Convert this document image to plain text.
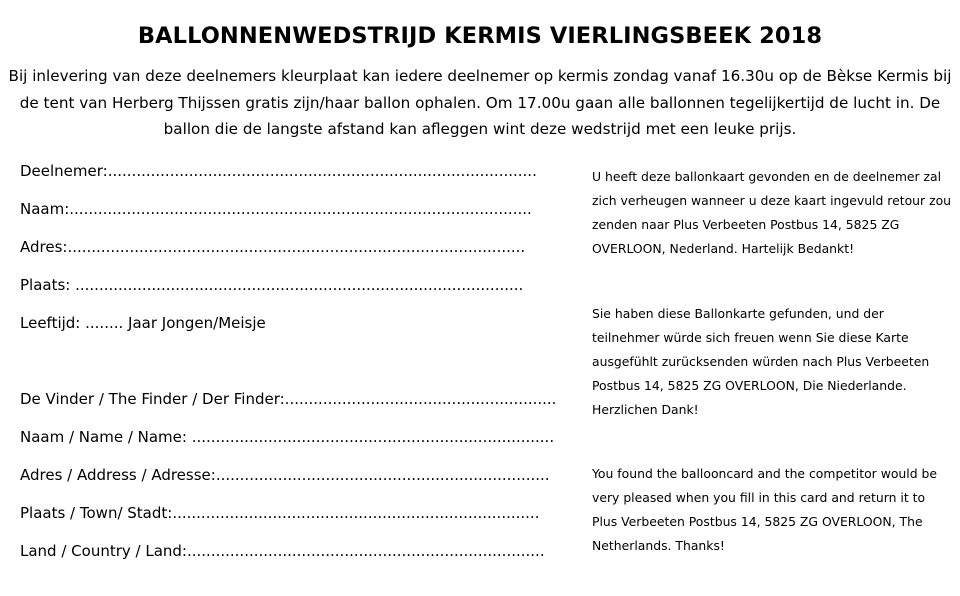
BALLONNENWEDSTRIJD KERMIS VIERLINGSBEEK 2018

Bij inlevering van deze deelnemers kleurplaat kan iedere deelnemer op kermis zondag vanaf 16.30u op de Bèkse Kermis bij de tent van Herberg Thijssen gratis zijn/haar ballon ophalen. Om 17.00u gaan alle ballonnen tegelijkertijd de lucht in. De ballon die de langste afstand kan afleggen wint deze wedstrijd met een leuke prijs.

Deelnemer:..........................................................................................
Naam:.................................................................................................
Adres:................................................................................................
Plaats: ..............................................................................................
Leeftijd: ........ Jaar Jongen/Meisje
De Vinder / The Finder / Der Finder:.........................................................
Naam / Name / Name: ............................................................................
Adres / Address / Adresse:......................................................................
Plaats / Town/ Stadt:.............................................................................
Land / Country / Land:...........................................................................

U heeft deze ballonkaart gevonden en de deelnemer zal zich verheugen wanneer u deze kaart ingevuld retour zou zenden naar Plus Verbeeten Postbus 14, 5825 ZG OVERLOON, Nederland. Hartelijk Bedankt!

Sie haben diese Ballonkarte gefunden, und der teilnehmer würde sich freuen wenn Sie diese Karte ausgefühlt zurücksenden würden nach Plus Verbeeten Postbus 14, 5825 ZG OVERLOON, Die Niederlande. Herzlichen Dank!

You found the ballooncard and the competitor would be very pleased when you fill in this card and return it to Plus Verbeeten Postbus 14, 5825 ZG OVERLOON, The Netherlands. Thanks!
